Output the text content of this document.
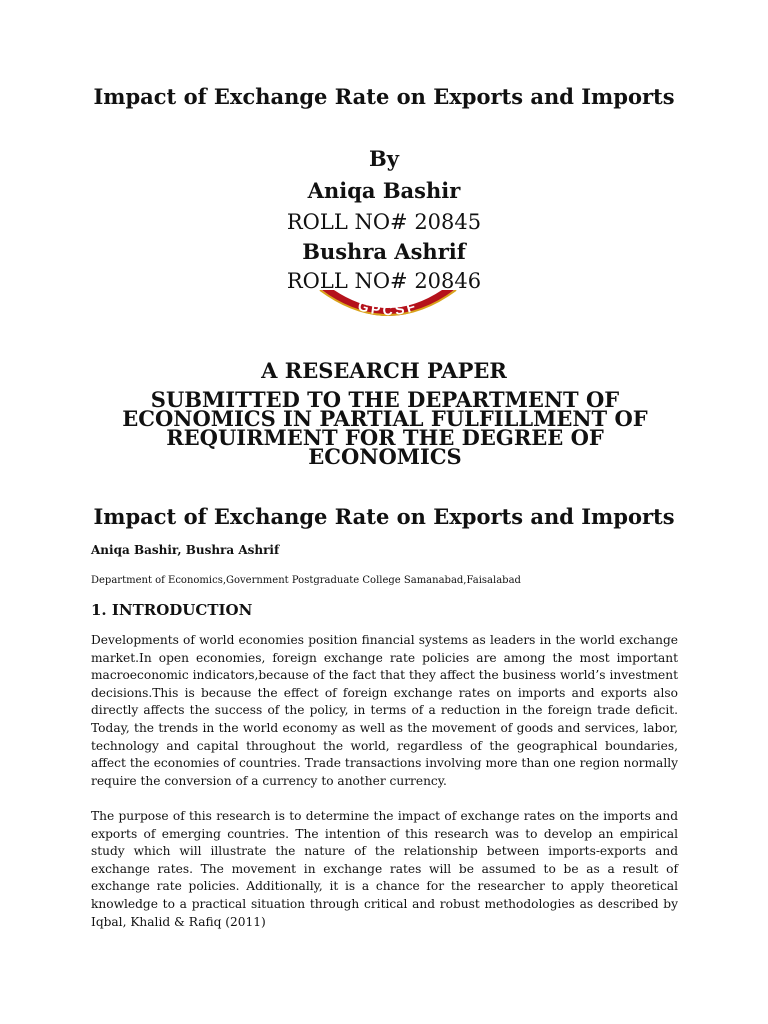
Impact of Exchange Rate on Exports and Imports
By
Aniqa Bashir
ROLL NO# 20845
Bushra Ashrif
ROLL NO# 20846
GPCSF
A RESEARCH PAPER
SUBMITTED TO THE DEPARTMENT OF ECONOMICS IN PARTIAL FULFILLMENT OF REQUIRMENT FOR THE DEGREE OF ECONOMICS
Impact of Exchange Rate on Exports and Imports
Aniqa Bashir, Bushra Ashrif
Department of Economics,Government Postgraduate College Samanabad,Faisalabad
1. INTRODUCTION

Developments of world economies position financial systems as leaders in the world exchange market.In open economies, foreign exchange rate policies are among the most important macroeconomic indicators,because of the fact that they affect the business world’s investment decisions.This is because the effect of foreign exchange rates on imports and exports also directly affects the success of the policy, in terms of a reduction in the foreign trade deficit. Today, the trends in the world economy as well as the movement of goods and services, labor, technology and capital throughout the world, regardless of the geographical boundaries, affect the economies of countries. Trade transactions involving more than one region normally require the conversion of a currency to another currency.

The purpose of this research is to determine the impact of exchange rates on the imports and exports of emerging countries. The intention of this research was to develop an empirical study which will illustrate the nature of the relationship between imports-exports and exchange rates. The movement in exchange rates will be assumed to be as a result of exchange rate policies. Additionally, it is a chance for the researcher to apply theoretical knowledge to a practical situation through critical and robust methodologies as described by Iqbal, Khalid & Rafiq (2011)
